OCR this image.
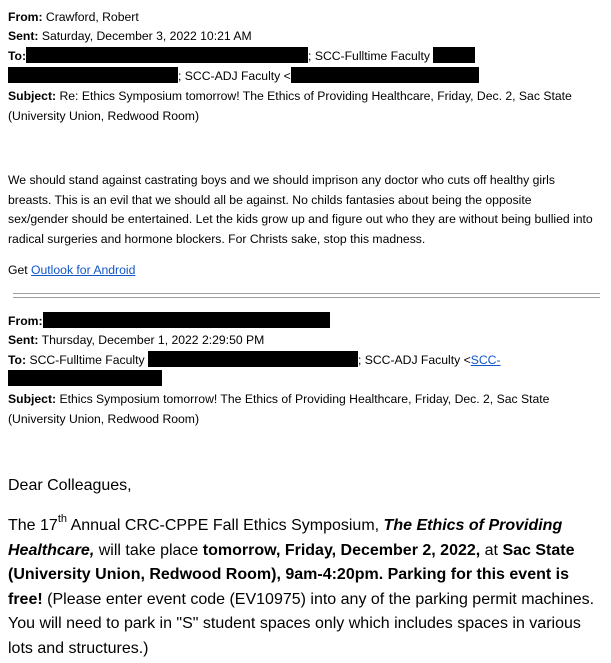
From: Crawford, Robert
Sent: Saturday, December 3, 2022 10:21 AM
To:	; SCC-Fulltime Faculty
; SCC-ADJ Faculty <
Subject: Re: Ethics Symposium tomorrow! The Ethics of Providing Healthcare, Friday, Dec. 2, Sac State (University Union, Redwood Room)
We should stand against castrating boys and we should imprison any doctor who cuts off healthy girls breasts. This is an evil that we should all be against. No childs fantasies about being the opposite sex/gender should be entertained. Let the kids grow up and figure out who they are without being bullied into radical surgeries and hormone blockers. For Christs sake, stop this madness.
Get Outlook for Android
From:
Sent: Thursday, December 1, 2022 2:29:50 PM
To: SCC-Fulltime Faculty	; SCC-ADJ Faculty <SCC-
Subject: Ethics Symposium tomorrow! The Ethics of Providing Healthcare, Friday, Dec. 2, Sac State (University Union, Redwood Room)
Dear Colleagues,
The 17th Annual CRC-CPPE Fall Ethics Symposium, The Ethics of Providing Healthcare, will take place tomorrow, Friday, December 2, 2022, at Sac State (University Union, Redwood Room), 9am-4:20pm. Parking for this event is free! (Please enter event code (EV10975) into any of the parking permit machines. You will need to park in "S" student spaces only which includes spaces in various lots and structures.)
